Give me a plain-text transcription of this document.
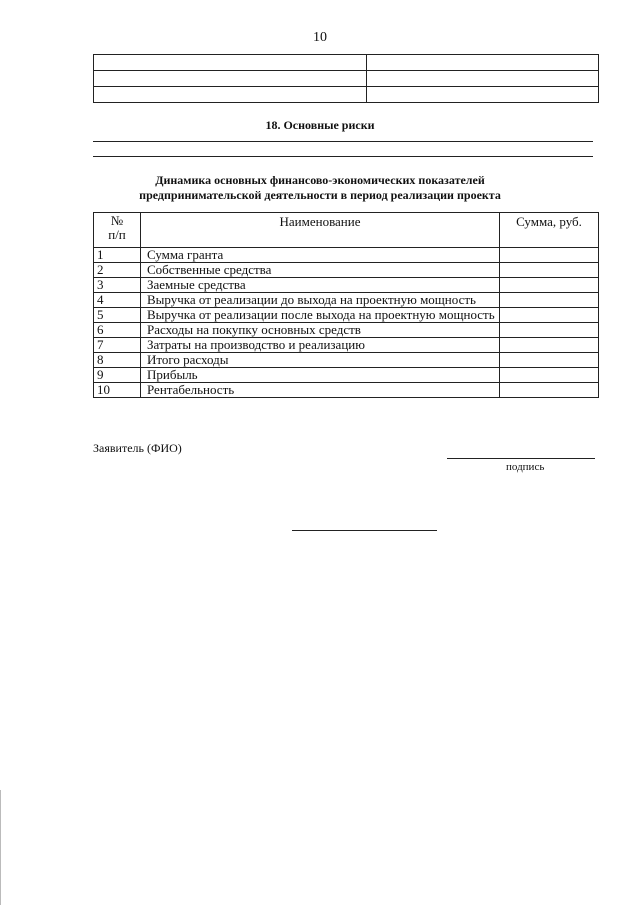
10

18. Основные риски
Динамика основных финансово-экономических показателей
предпринимательской деятельности в период реализации проекта
№
п/п	Наименование	Сумма, руб.
1	Сумма гранта	
2	Собственные средства	
3	Заемные средства	
4	Выручка от реализации до выхода на проектную мощность	
5	Выручка от реализации после выхода на проектную мощность	
6	Расходы на покупку основных средств	
7	Затраты на производство и реализацию	
8	Итого расходы	
9	Прибыль	
10	Рентабельность	
Заявитель (ФИО)
подпись
